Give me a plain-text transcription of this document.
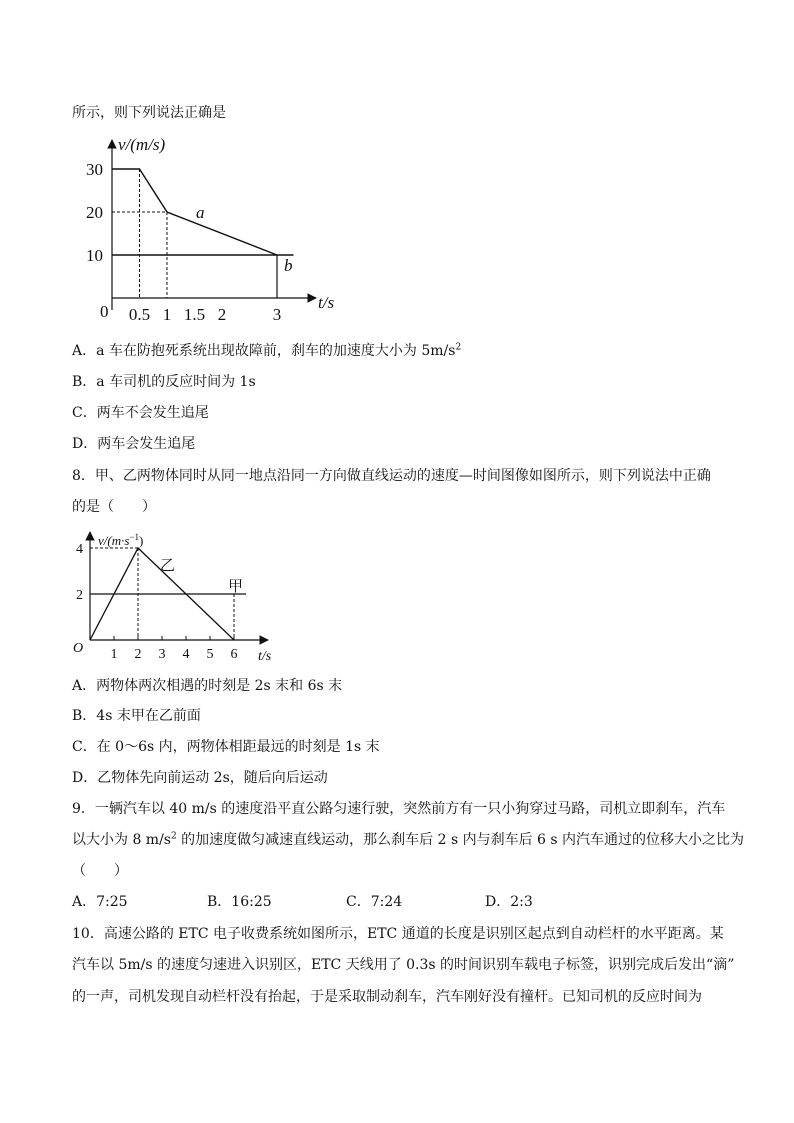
所示，则下列说法正确是
v/(m/s)
t/s
0
30
20
10
0.5 1 1.5 2	3
a
b
A．a 车在防抱死系统出现故障前，刹车的加速度大小为 $5m/s^2$
B．a 车司机的反应时间为 1s
C．两车不会发生追尾
D．两车会发生追尾
8．甲、乙两物体同时从同一地点沿同一方向做直线运动的速度—时间图像如图所示，则下列说法中正确
的是（　　）
$v/(m\cdot s^{-1})$
t/s
O
4
2
1 2 3 4 5 6
乙
甲
A．两物体两次相遇的时刻是 2s 末和 6s 末
B．4s 末甲在乙前面
C．在 0～6s 内，两物体相距最远的时刻是 1s 末
D．乙物体先向前运动 2s，随后向后运动
9．一辆汽车以 40 m/s 的速度沿平直公路匀速行驶，突然前方有一只小狗穿过马路，司机立即刹车，汽车
以大小为 8 $m/s^2$ 的加速度做匀减速直线运动，那么刹车后 2 s 内与刹车后 6 s 内汽车通过的位移大小之比为
（　　）
A．7:25	B．16:25	C．7:24	D．2:3
10．高速公路的 ETC 电子收费系统如图所示，ETC 通道的长度是识别区起点到自动栏杆的水平距离。某
汽车以 5m/s 的速度匀速进入识别区，ETC 天线用了 0.3s 的时间识别车载电子标签，识别完成后发出“滴”
的一声，司机发现自动栏杆没有抬起，于是采取制动刹车，汽车刚好没有撞杆。已知司机的反应时间为
